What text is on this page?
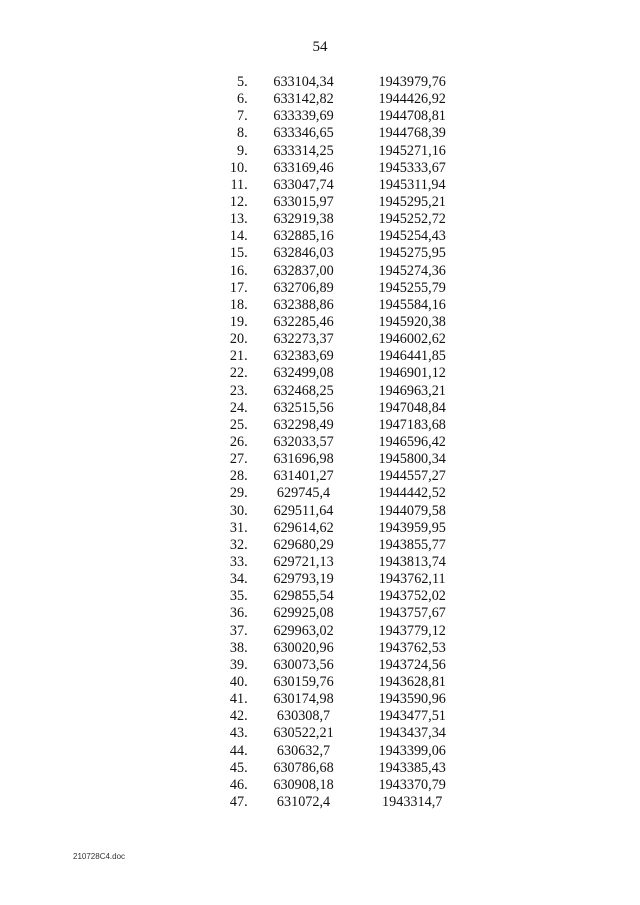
54
5.	633104,34	1943979,76
6.	633142,82	1944426,92
7.	633339,69	1944708,81
8.	633346,65	1944768,39
9.	633314,25	1945271,16
10.	633169,46	1945333,67
11.	633047,74	1945311,94
12.	633015,97	1945295,21
13.	632919,38	1945252,72
14.	632885,16	1945254,43
15.	632846,03	1945275,95
16.	632837,00	1945274,36
17.	632706,89	1945255,79
18.	632388,86	1945584,16
19.	632285,46	1945920,38
20.	632273,37	1946002,62
21.	632383,69	1946441,85
22.	632499,08	1946901,12
23.	632468,25	1946963,21
24.	632515,56	1947048,84
25.	632298,49	1947183,68
26.	632033,57	1946596,42
27.	631696,98	1945800,34
28.	631401,27	1944557,27
29.	629745,4	1944442,52
30.	629511,64	1944079,58
31.	629614,62	1943959,95
32.	629680,29	1943855,77
33.	629721,13	1943813,74
34.	629793,19	1943762,11
35.	629855,54	1943752,02
36.	629925,08	1943757,67
37.	629963,02	1943779,12
38.	630020,96	1943762,53
39.	630073,56	1943724,56
40.	630159,76	1943628,81
41.	630174,98	1943590,96
42.	630308,7	1943477,51
43.	630522,21	1943437,34
44.	630632,7	1943399,06
45.	630786,68	1943385,43
46.	630908,18	1943370,79
47.	631072,4	1943314,7
210728C4.doc
